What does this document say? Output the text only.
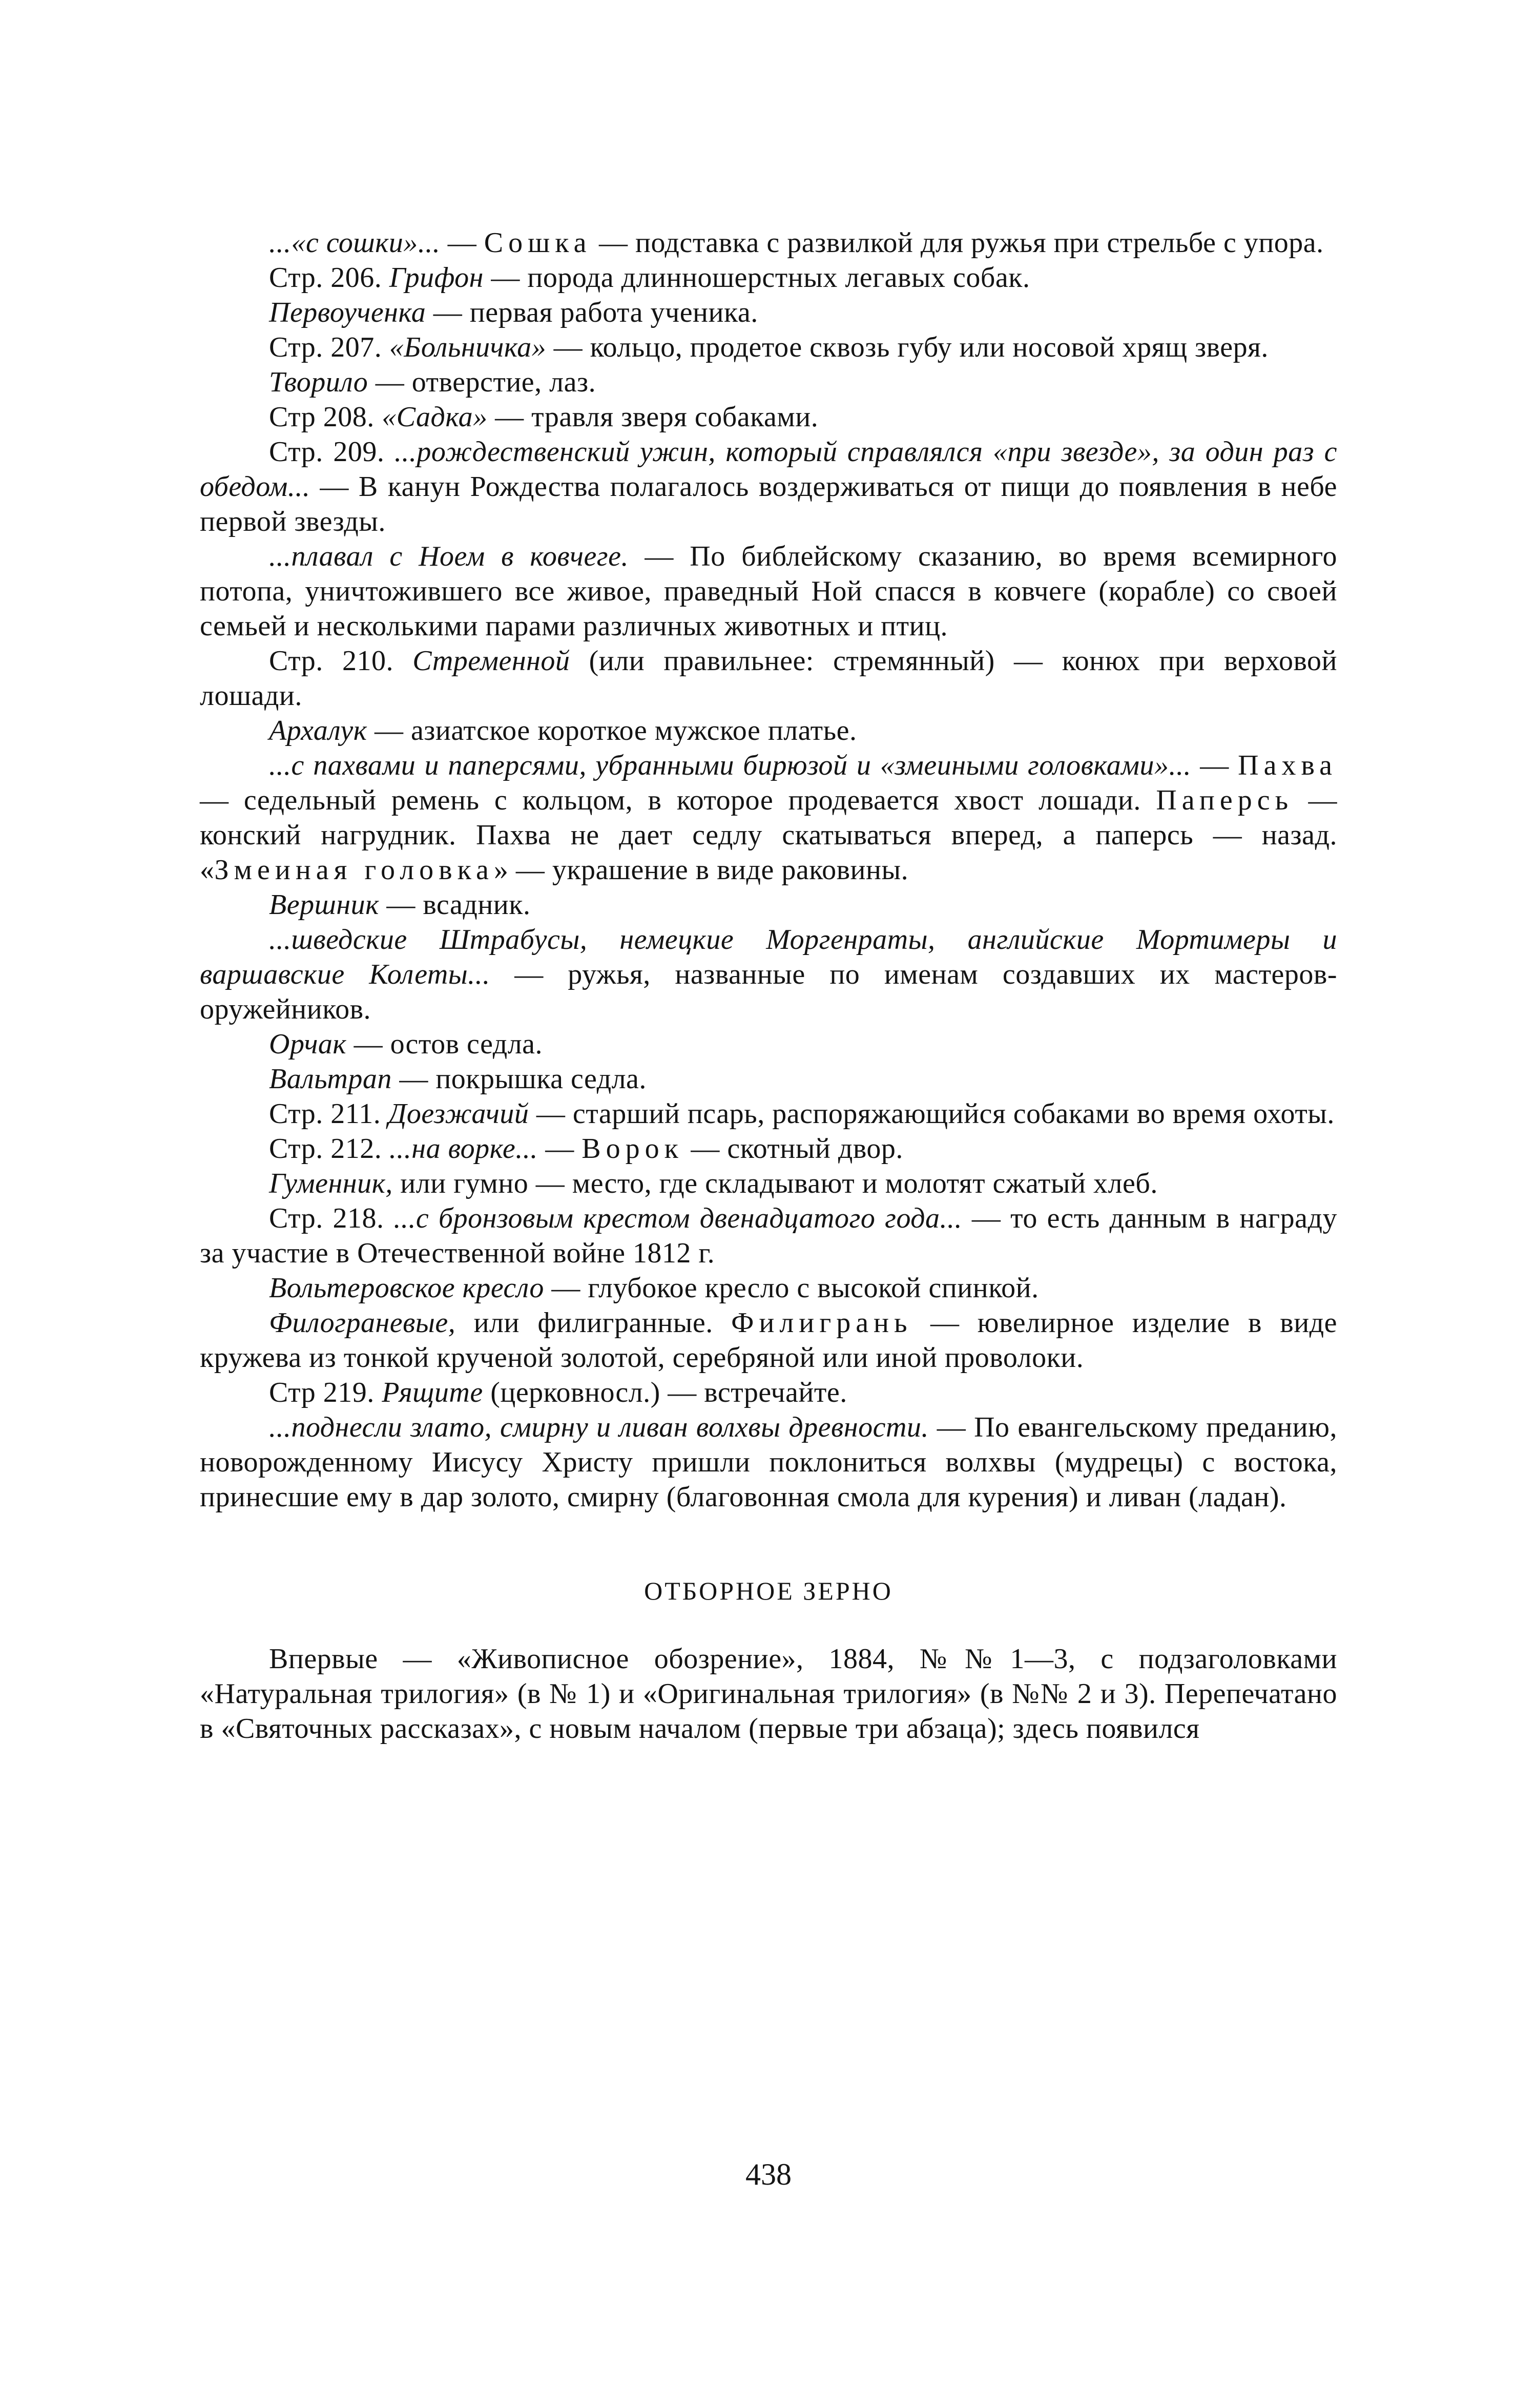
...«с сошки»... — Сошка — подставка с развилкой для ружья при стрельбе с упора.

Стр. 206. Грифон — порода длинношерстных легавых собак.

Первоученка — первая работа ученика.

Стр. 207. «Больничка» — кольцо, продетое сквозь губу или носовой хрящ зверя.

Творило — отверстие, лаз.

Стр 208. «Садка» — травля зверя собаками.

Стр. 209. ...рождественский ужин, который справлялся «при звезде», за один раз с обедом... — В канун Рождества полагалось воздерживаться от пищи до появления в небе первой звезды.

...плавал с Ноем в ковчеге. — По библейскому сказанию, во время всемирного потопа, уничтожившего все живое, праведный Ной спасся в ковчеге (корабле) со своей семьей и несколькими парами различных животных и птиц.

Стр. 210. Стременной (или правильнее: стремянный) — конюх при верховой лошади.

Архалук — азиатское короткое мужское платье.

...с пахвами и паперсями, убранными бирюзой и «змеиными головками»... — Пахва — седельный ремень с кольцом, в которое продевается хвост лошади. Паперсь — конский нагрудник. Пахва не дает седлу скатываться вперед, а паперсь — назад. «Змеиная головка» — украшение в виде раковины.

Вершник — всадник.

...шведские Штрабусы, немецкие Моргенраты, английские Мортимеры и варшавские Колеты... — ружья, названные по именам создавших их мастеров-оружейников.

Орчак — остов седла.

Вальтрап — покрышка седла.

Стр. 211. Доезжачий — старший псарь, распоряжающийся собаками во время охоты.

Стр. 212. ...на ворке... — Ворок — скотный двор.

Гуменник, или гумно — место, где складывают и молотят сжатый хлеб.

Стр. 218. ...с бронзовым крестом двенадцатого года... — то есть данным в награду за участие в Отечественной войне 1812 г.

Вольтеровское кресло — глубокое кресло с высокой спинкой.

Филограневые, или филигранные. Филигрань — ювелирное изделие в виде кружева из тонкой крученой золотой, серебряной или иной проволоки.

Стр 219. Рящите (церковносл.) — встречайте.

...поднесли злато, смирну и ливан волхвы древности. — По евангельскому преданию, новорожденному Иисусу Христу пришли поклониться волхвы (мудрецы) с востока, принесшие ему в дар золото, смирну (благовонная смола для курения) и ливан (ладан).

ОТБОРНОЕ ЗЕРНО

Впервые — «Живописное обозрение», 1884, №№1—3, с подзаголовками «Натуральная трилогия» (в № 1) и «Оригинальная трилогия» (в №№ 2 и 3). Перепечатано в «Святочных рассказах», с новым началом (первые три абзаца); здесь появился

438
